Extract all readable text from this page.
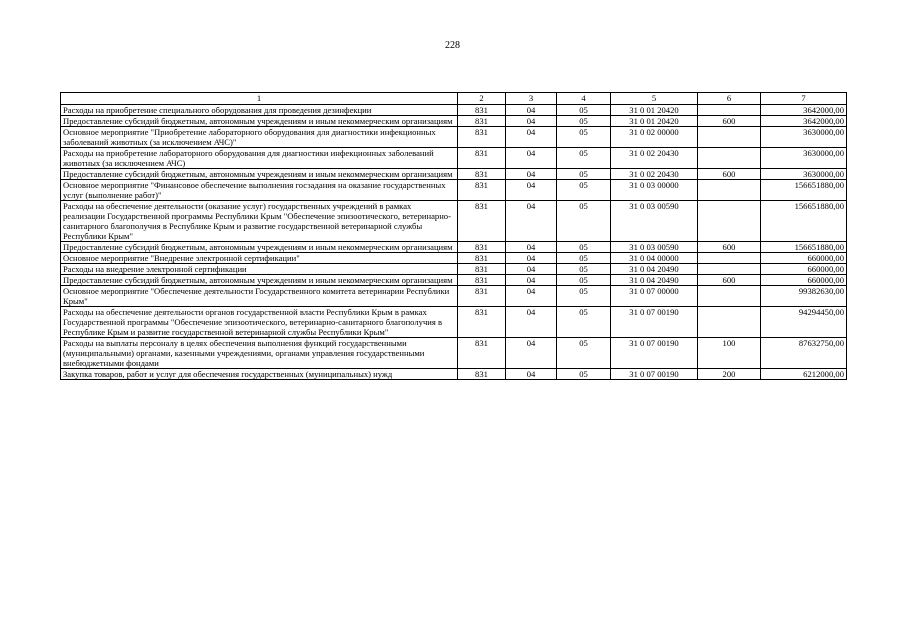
228
1	2	3	4	5	6	7
Расходы на приобретение специального оборудования для проведения дезинфекции	831	04	05	31 0 01 20420		3642000,00
Предоставление субсидий бюджетным, автономным учреждениям и иным некоммерческим организациям	831	04	05	31 0 01 20420	600	3642000,00
Основное мероприятие "Приобретение лабораторного оборудования для диагностики инфекционных заболеваний животных (за исключением АЧС)"	831	04	05	31 0 02 00000		3630000,00
Расходы на приобретение лабораторного оборудования для диагностики инфекционных заболеваний животных (за исключением АЧС)	831	04	05	31 0 02 20430		3630000,00
Предоставление субсидий бюджетным, автономным учреждениям и иным некоммерческим организациям	831	04	05	31 0 02 20430	600	3630000,00
Основное мероприятие "Финансовое обеспечение выполнения госзадания на оказание государственных услуг (выполнение работ)"	831	04	05	31 0 03 00000		156651880,00
Расходы на обеспечение деятельности (оказание услуг) государственных учреждений в рамках реализации Государственной программы Республики Крым "Обеспечение эпизоотического, ветеринарно-санитарного благополучия в Республике Крым и развитие государственной ветеринарной службы Республики Крым"	831	04	05	31 0 03 00590		156651880,00
Предоставление субсидий бюджетным, автономным учреждениям и иным некоммерческим организациям	831	04	05	31 0 03 00590	600	156651880,00
Основное мероприятие "Внедрение электронной сертификации"	831	04	05	31 0 04 00000		660000,00
Расходы на внедрение электронной сертификации	831	04	05	31 0 04 20490		660000,00
Предоставление субсидий бюджетным, автономным учреждениям и иным некоммерческим организациям	831	04	05	31 0 04 20490	600	660000,00
Основное мероприятие "Обеспечение деятельности Государственного комитета ветеринарии Республики Крым"	831	04	05	31 0 07 00000		99382630,00
Расходы на обеспечение деятельности органов государственной власти Республики Крым в рамках Государственной программы "Обеспечение эпизоотического, ветеринарно-санитарного благополучия в Республике Крым и развитие государственной ветеринарной службы Республики Крым"	831	04	05	31 0 07 00190		94294450,00
Расходы на выплаты персоналу в целях обеспечения выполнения функций государственными (муниципальными) органами, казенными учреждениями, органами управления государственными внебюджетными фондами	831	04	05	31 0 07 00190	100	87632750,00
Закупка товаров, работ и услуг для обеспечения государственных (муниципальных) нужд	831	04	05	31 0 07 00190	200	6212000,00
